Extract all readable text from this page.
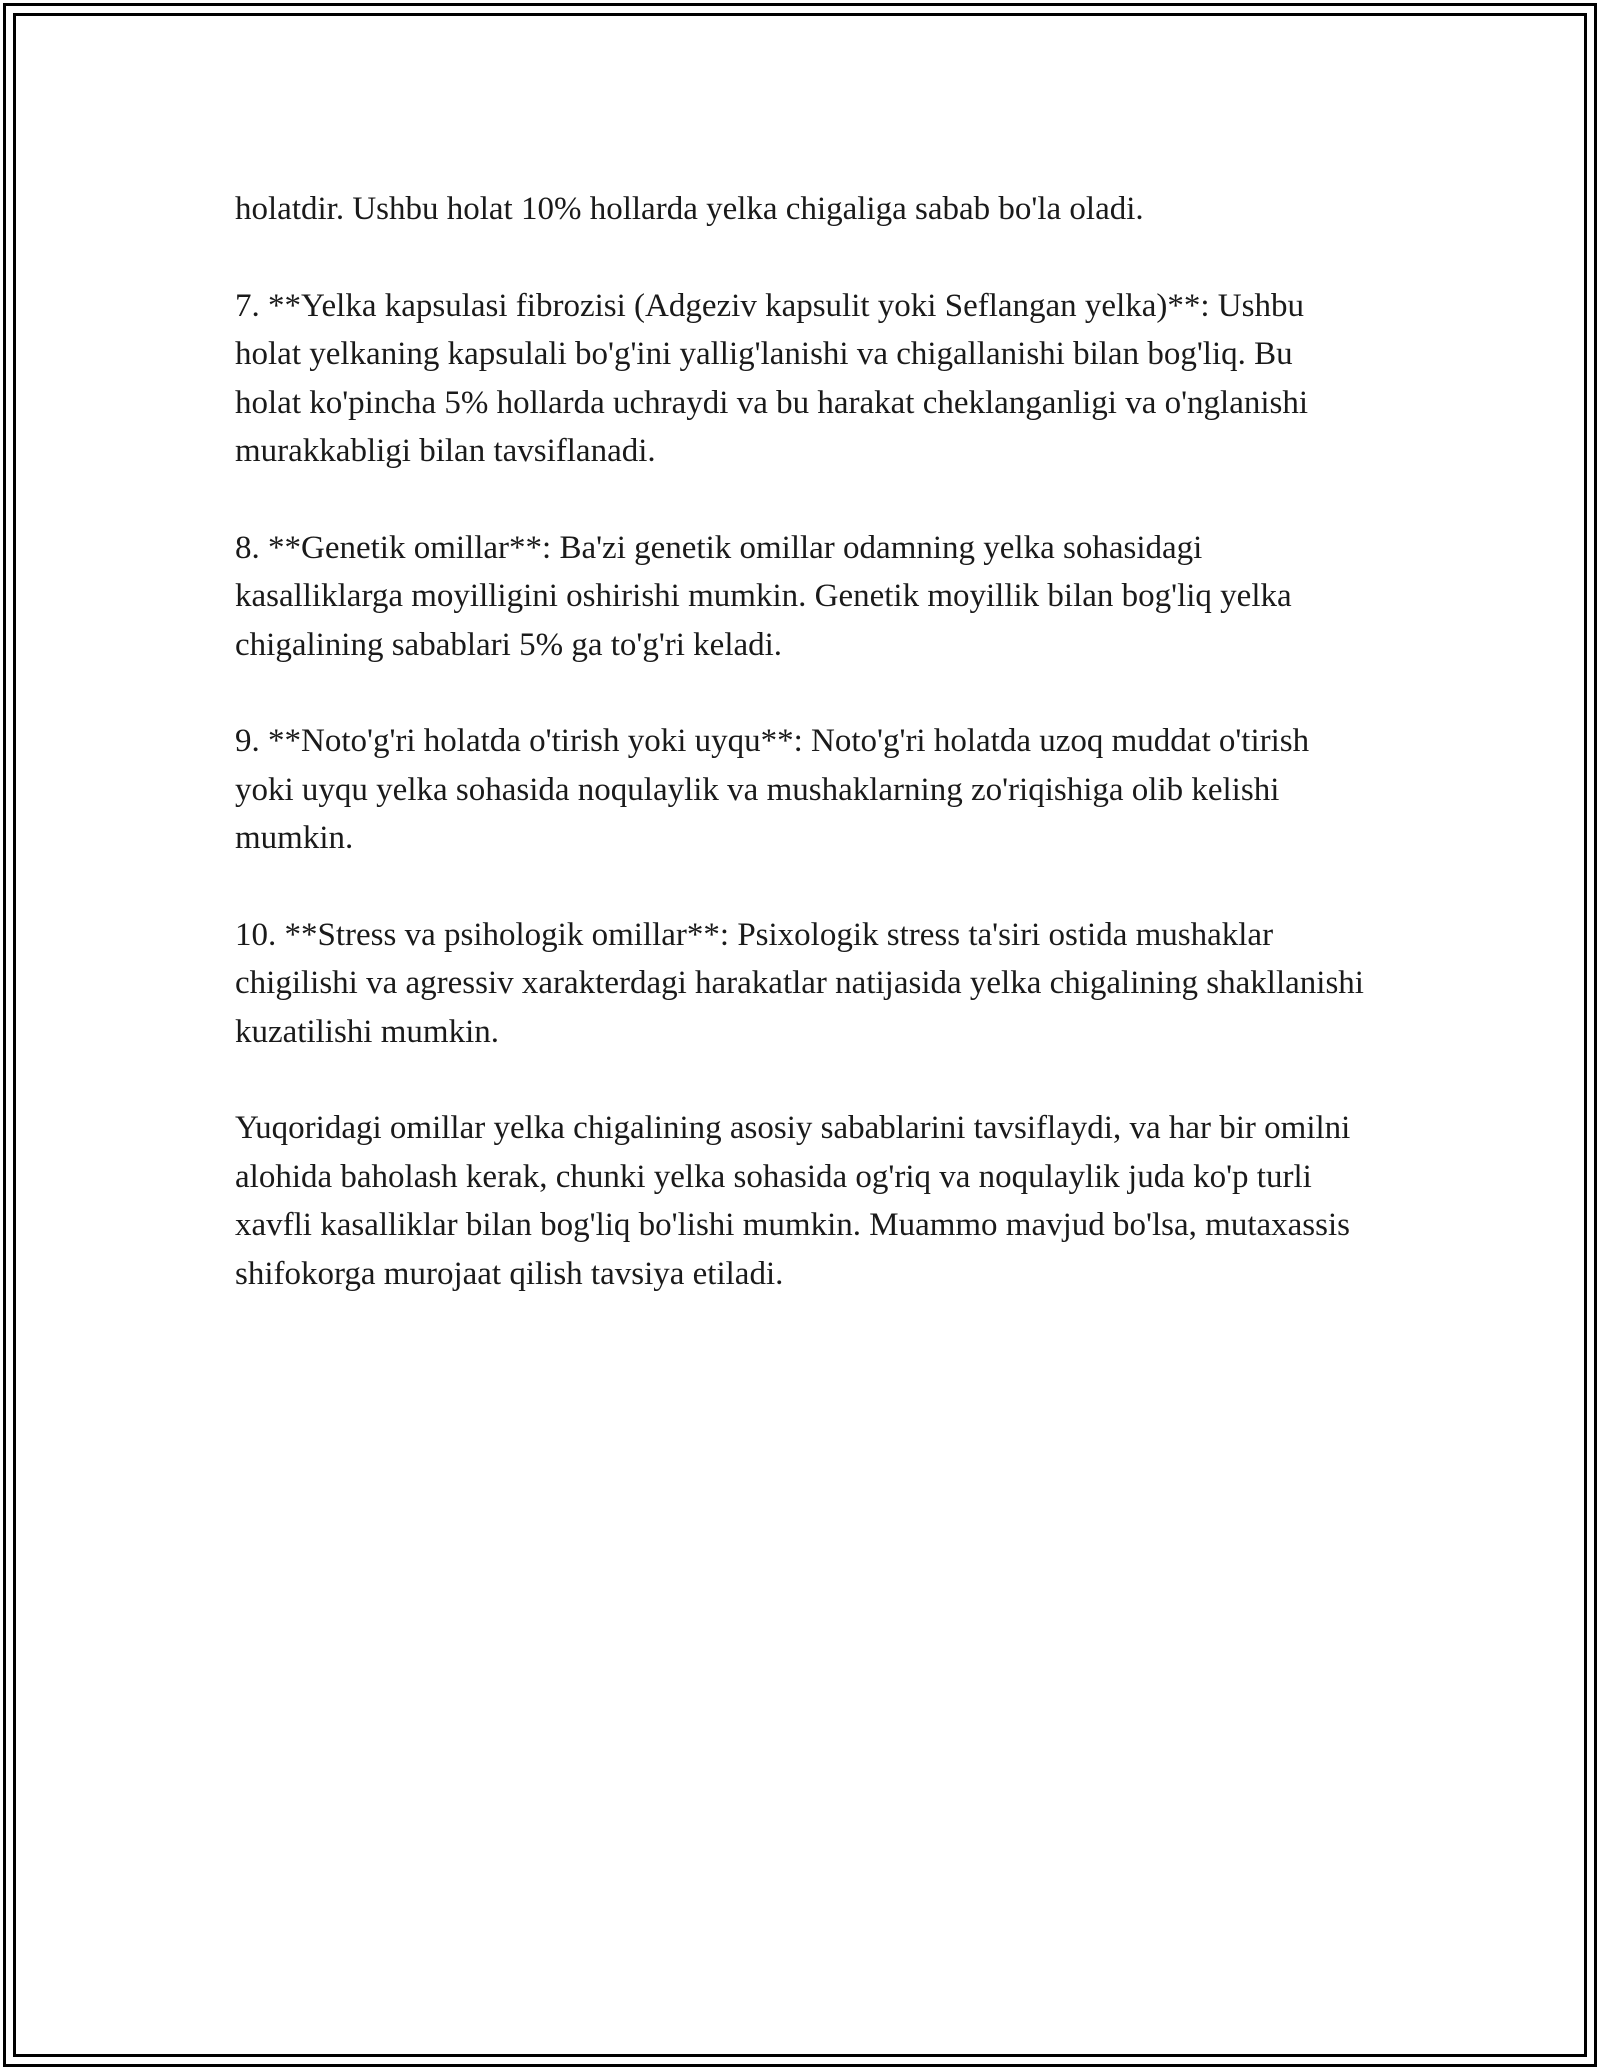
holatdir. Ushbu holat 10% hollarda yelka chigaliga sabab bo'la oladi.

7. **Yelka kapsulasi fibrozisi (Adgeziv kapsulit yoki Seflangan yelka)**: Ushbu holat yelkaning kapsulali bo'g'ini yallig'lanishi va chigallanishi bilan bog'liq. Bu holat ko'pincha 5% hollarda uchraydi va bu harakat cheklanganligi va o'nglanishi murakkabligi bilan tavsiflanadi.

8. **Genetik omillar**: Ba'zi genetik omillar odamning yelka sohasidagi kasalliklarga moyilligini oshirishi mumkin. Genetik moyillik bilan bog'liq yelka chigalining sabablari 5% ga to'g'ri keladi.

9. **Noto'g'ri holatda o'tirish yoki uyqu**: Noto'g'ri holatda uzoq muddat o'tirish yoki uyqu yelka sohasida noqulaylik va mushaklarning zo'riqishiga olib kelishi mumkin.

10. **Stress va psihologik omillar**: Psixologik stress ta'siri ostida mushaklar chigilishi va agressiv xarakterdagi harakatlar natijasida yelka chigalining shakllanishi kuzatilishi mumkin.

Yuqoridagi omillar yelka chigalining asosiy sabablarini tavsiflaydi, va har bir omilni alohida baholash kerak, chunki yelka sohasida og'riq va noqulaylik juda ko'p turli xavfli kasalliklar bilan bog'liq bo'lishi mumkin. Muammo mavjud bo'lsa, mutaxassis shifokorga murojaat qilish tavsiya etiladi.
